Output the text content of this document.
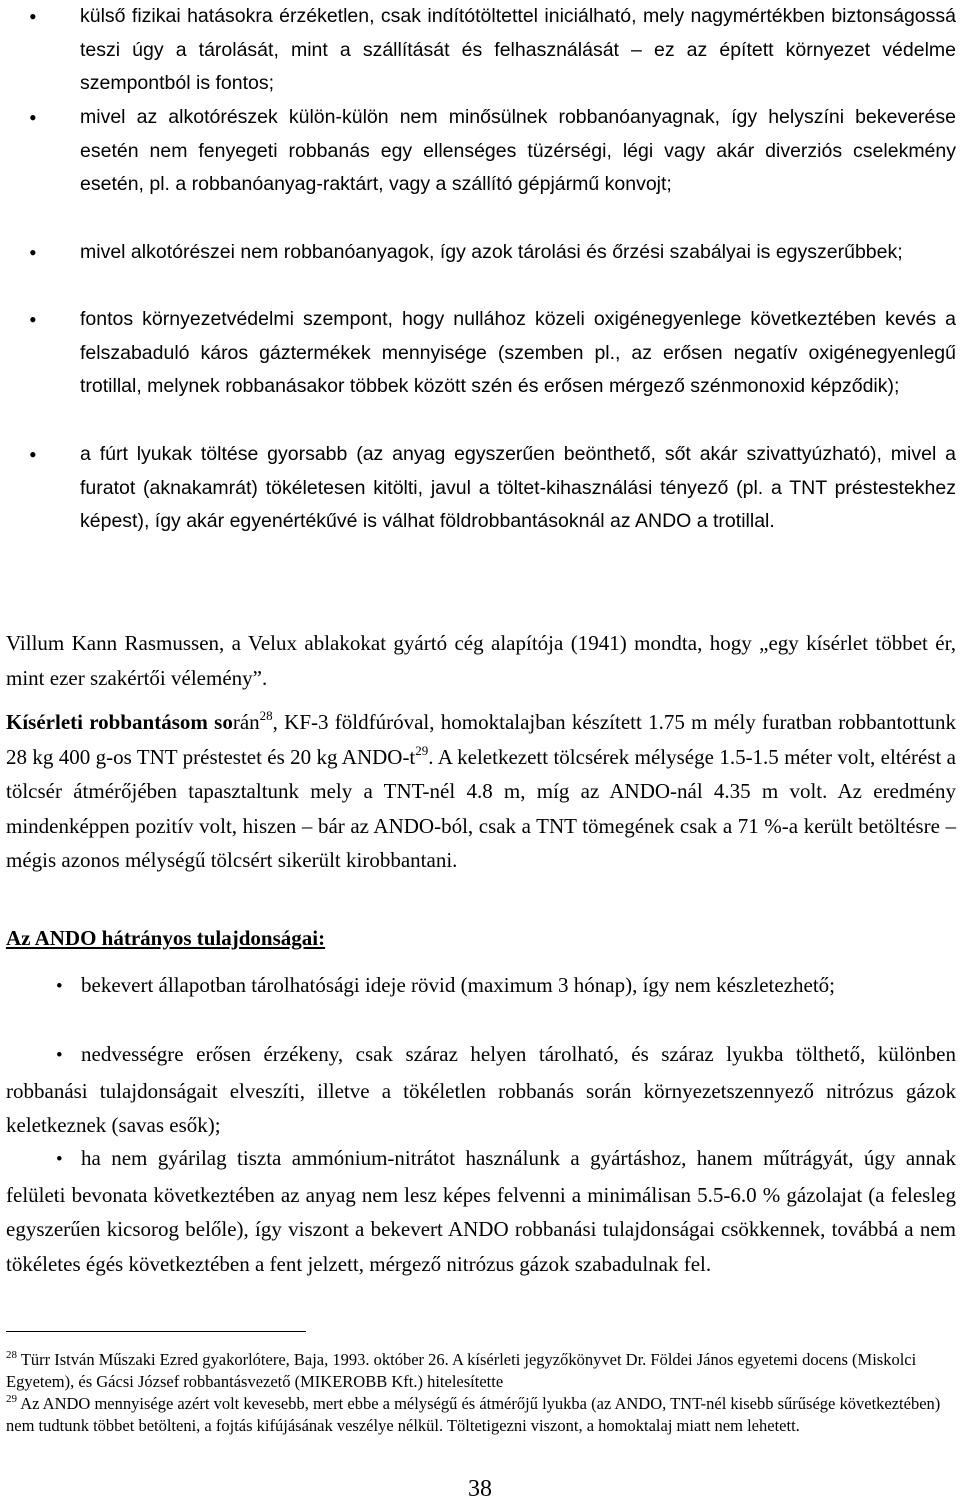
• külső fizikai hatásokra érzéketlen, csak indítótöltettel iniciálható, mely nagymértékben biztonságossá teszi úgy a tárolását, mint a szállítását és felhasználását – ez az épített környezet védelme szempontból is fontos;
• mivel az alkotórészek külön-külön nem minősülnek robbanóanyagnak, így helyszíni bekeverése esetén nem fenyegeti robbanás egy ellenséges tüzérségi, légi vagy akár diverziós cselekmény esetén, pl. a robbanóanyag-raktárt, vagy a szállító gépjármű konvojt;
• mivel alkotórészei nem robbanóanyagok, így azok tárolási és őrzési szabályai is egyszerűbbek;
• fontos környezetvédelmi szempont, hogy nullához közeli oxigénegyenlege következtében kevés a felszabaduló káros gáztermékek mennyisége (szemben pl., az erősen negatív oxigénegyenlegű trotillal, melynek robbanásakor többek között szén és erősen mérgező szénmonoxid képződik);
• a fúrt lyukak töltése gyorsabb (az anyag egyszerűen beönthető, sőt akár szivattyúzható), mivel a furatot (aknakamrát) tökéletesen kitölti, javul a töltet-kihasználási tényező (pl. a TNT préstestekhez képest), így akár egyenértékűvé is válhat földrobbantásoknál az ANDO a trotillal.
Villum Kann Rasmussen, a Velux ablakokat gyártó cég alapítója (1941) mondta, hogy „egy kísérlet többet ér, mint ezer szakértői vélemény”.
Kísérleti robbantásom során$^{28}$, KF-3 földfúróval, homoktalajban készített 1.75 m mély furatban robbantottunk 28 kg 400 g-os TNT préstestet és 20 kg ANDO-$t^{29}$. A keletkezett tölcsérek mélysége 1.5-1.5 méter volt, eltérést a tölcsér átmérőjében tapasztaltunk mely a TNT-nél 4.8 m, míg az ANDO-nál 4.35 m volt. Az eredmény mindenképpen pozitív volt, hiszen – bár az ANDO-ból, csak a TNT tömegének csak a 71 %-a került betöltésre – mégis azonos mélységű tölcsért sikerült kirobbantani.
Az ANDO hátrányos tulajdonságai:
• bekevert állapotban tárolhatósági ideje rövid (maximum 3 hónap), így nem készletezhető;
• nedvességre erősen érzékeny, csak száraz helyen tárolható, és száraz lyukba tölthető, különben robbanási tulajdonságait elveszíti, illetve a tökéletlen robbanás során környezetszennyező nitrózus gázok keletkeznek (savas esők);
• ha nem gyárilag tiszta ammónium-nitrátot használunk a gyártáshoz, hanem műtrágyát, úgy annak felületi bevonata következtében az anyag nem lesz képes felvenni a minimálisan 5.5-6.0 % gázolajat (a felesleg egyszerűen kicsorog belőle), így viszont a bekevert ANDO robbanási tulajdonságai csökkennek, továbbá a nem tökéletes égés következtében a fent jelzett, mérgező nitrózus gázok szabadulnak fel.
$^{28}$ Türr István Műszaki Ezred gyakorlótere, Baja, 1993. október 26. A kísérleti jegyzőkönyvet Dr. Földei János egyetemi docens (Miskolci Egyetem), és Gácsi József robbantásvezető (MIKEROBB Kft.) hitelesítette
$^{29}$ Az ANDO mennyisége azért volt kevesebb, mert ebbe a mélységű és átmérőjű lyukba (az ANDO, TNT-nél kisebb sűrűsége következtében) nem tudtunk többet betölteni, a fojtás kifújásának veszélye nélkül. Töltetigezni viszont, a homoktalaj miatt nem lehetett.
38
